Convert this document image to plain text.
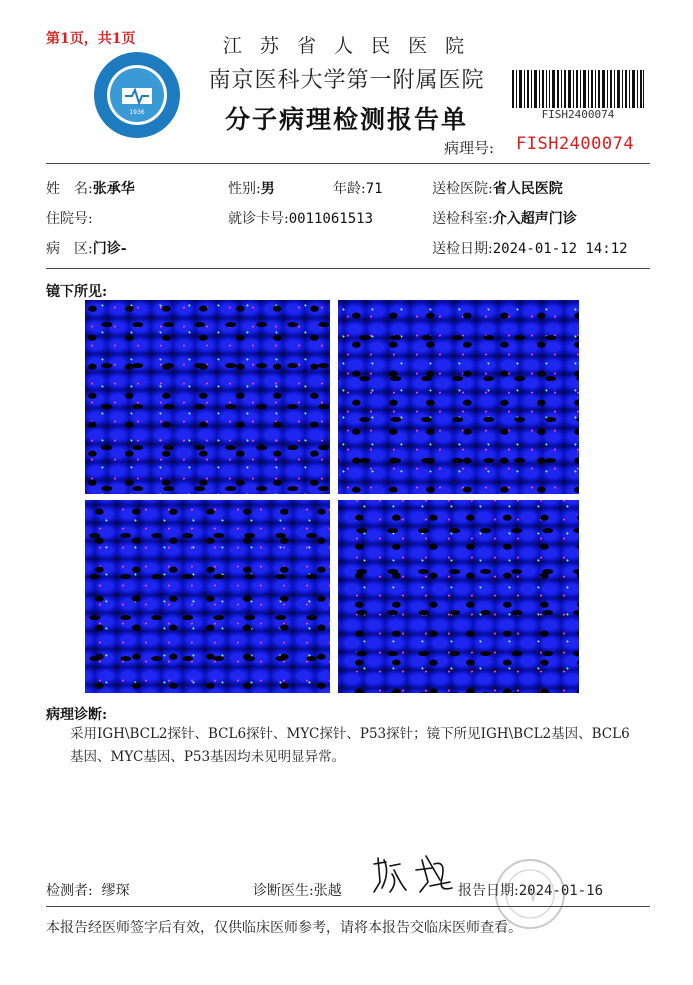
第1页，共1页
1936
江 苏 省 人 民 医 院
南京医科大学第一附属医院
分子病理检测报告单	FISH2400074
病理号: FISH2400074
姓　名:张承华	性别:男	年龄:71	送检医院:省人民医院
住院号:	就诊卡号:0011061513	送检科室:介入超声门诊
病　区:门诊-	送检日期:2024-01-12 14:12
镜下所见:
病理诊断:
采用IGH\BCL2探针、BCL6探针、MYC探针、P53探针；镜下所见IGH\BCL2基因、BCL6基因、MYC基因、P53基因均未见明显异常。
检测者: 缪琛	诊断医生:张越	报告日期:2024-01-16
本报告经医师签字后有效，仅供临床医师参考，请将本报告交临床医师查看。
